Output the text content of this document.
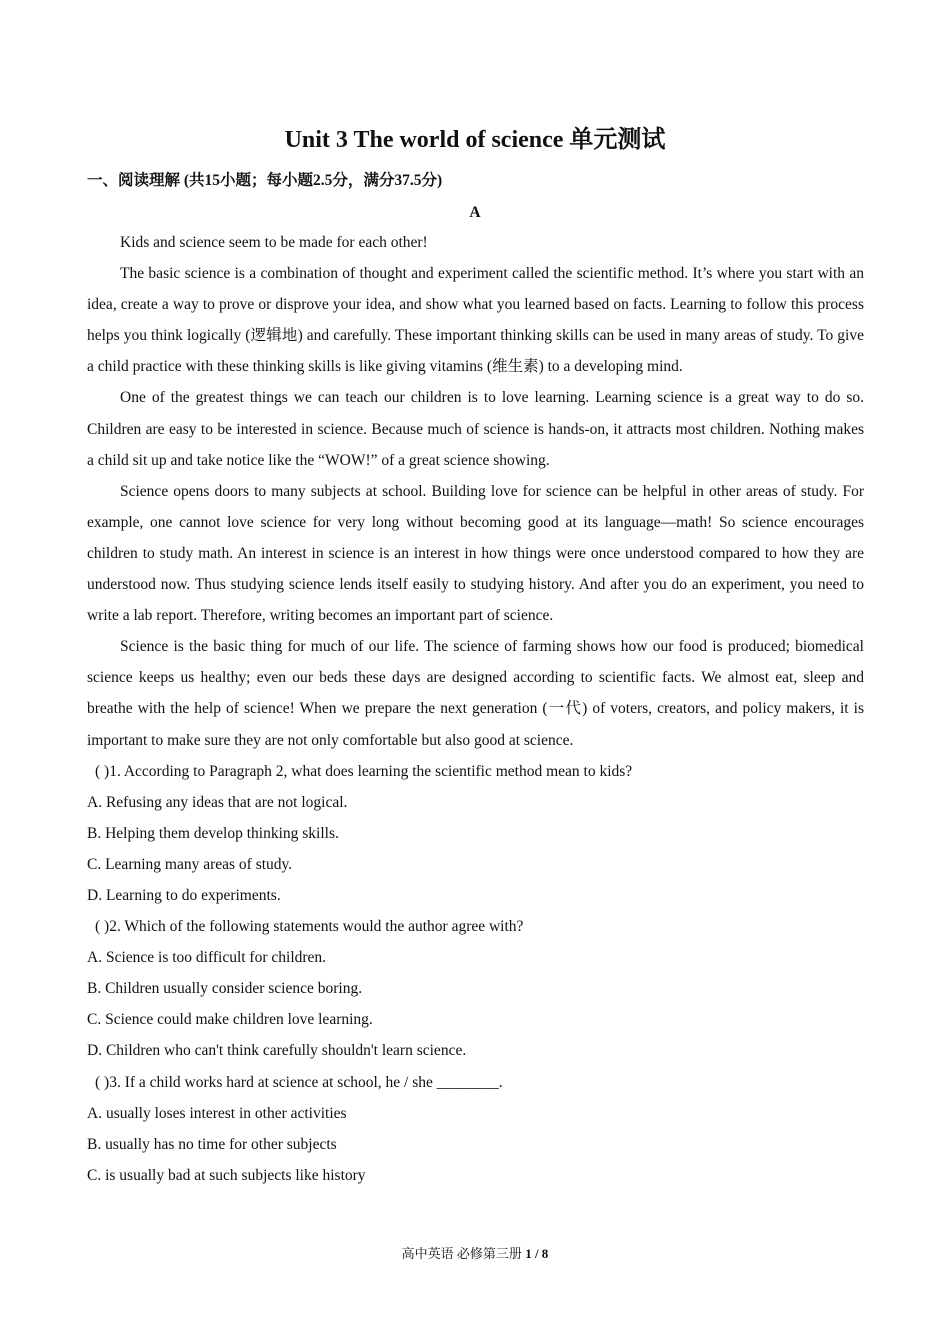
Unit 3 The world of science 单元测试
一、阅读理解 (共15小题；每小题2.5分，满分37.5分)
A

Kids and science seem to be made for each other!

The basic science is a combination of thought and experiment called the scientific method. It’s where you start with an idea, create a way to prove or disprove your idea, and show what you learned based on facts. Learning to follow this process helps you think logically (逻辑地) and carefully. These important thinking skills can be used in many areas of study. To give a child practice with these thinking skills is like giving vitamins (维生素) to a developing mind.

One of the greatest things we can teach our children is to love learning. Learning science is a great way to do so. Children are easy to be interested in science. Because much of science is hands-on, it attracts most children. Nothing makes a child sit up and take notice like the “WOW!” of a great science showing.

Science opens doors to many subjects at school. Building love for science can be helpful in other areas of study. For example, one cannot love science for very long without becoming good at its language—math! So science encourages children to study math. An interest in science is an interest in how things were once understood compared to how they are understood now. Thus studying science lends itself easily to studying history. And after you do an experiment, you need to write a lab report. Therefore, writing becomes an important part of science.

Science is the basic thing for much of our life. The science of farming shows how our food is produced; biomedical science keeps us healthy; even our beds these days are designed according to scientific facts. We almost eat, sleep and breathe with the help of science! When we prepare the next generation (一代) of voters, creators, and policy makers, it is important to make sure they are not only comfortable but also good at science.

( )1. According to Paragraph 2, what does learning the scientific method mean to kids?

A. Refusing any ideas that are not logical.

B. Helping them develop thinking skills.

C. Learning many areas of study.

D. Learning to do experiments.

( )2. Which of the following statements would the author agree with?

A. Science is too difficult for children.

B. Children usually consider science boring.

C. Science could make children love learning.

D. Children who can't think carefully shouldn't learn science.

( )3. If a child works hard at science at school, he / she ________.

A. usually loses interest in other activities

B. usually has no time for other subjects

C. is usually bad at such subjects like history

高中英语 必修第三册 1 / 8
